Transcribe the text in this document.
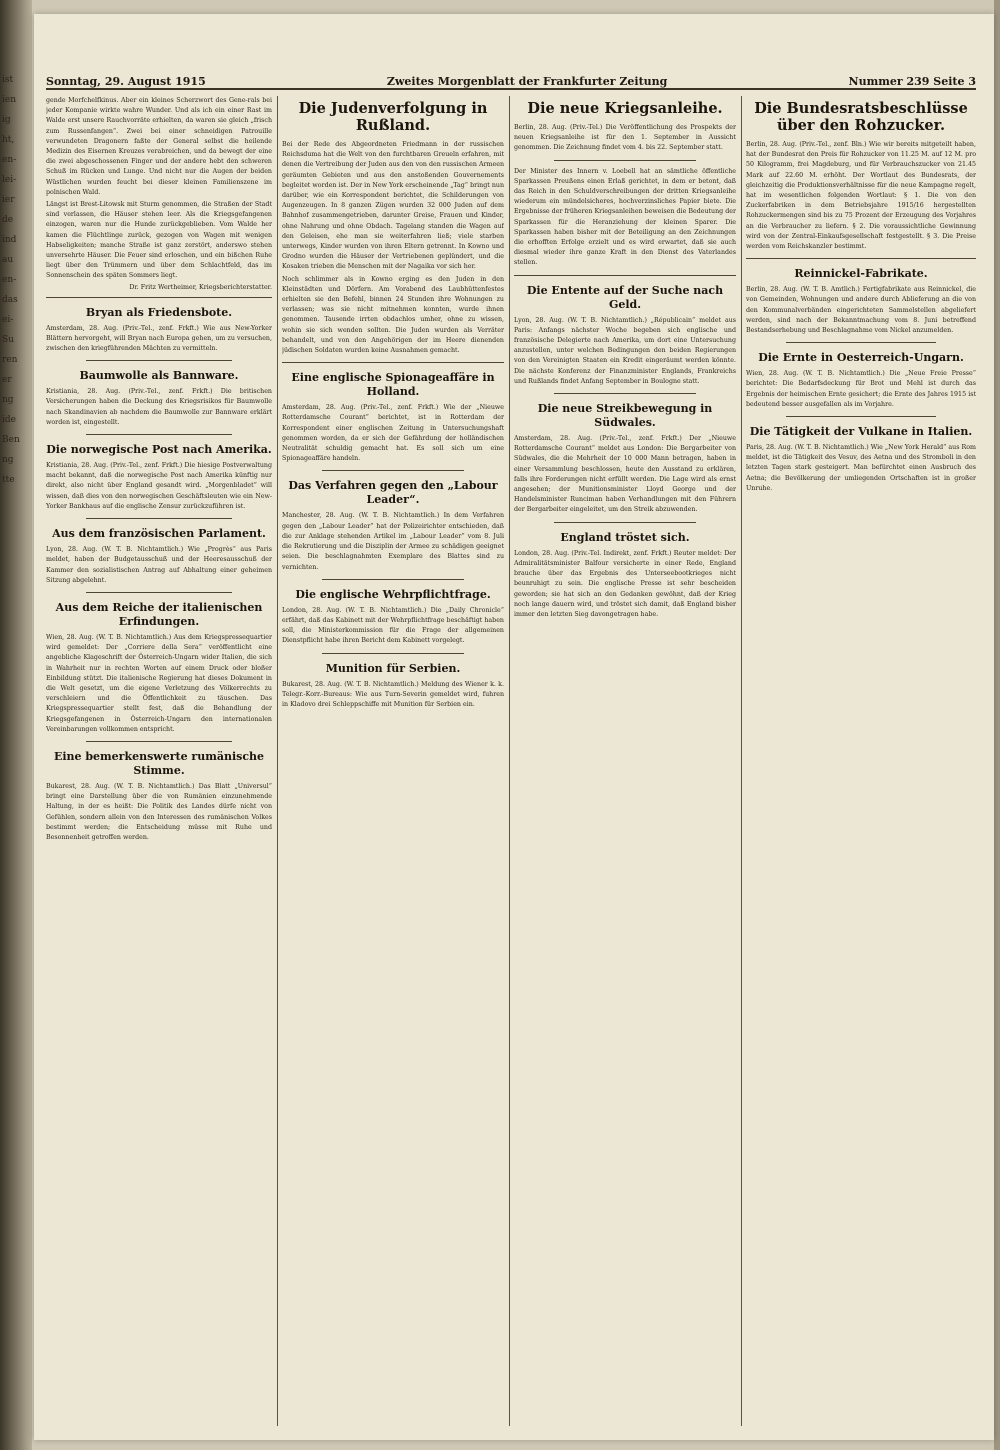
ist
ien
ig
ht,
en-
lei-
ier
de
ind
au
en-
das
ei-
Su
ren
er
ng
ide
Ben
ng
tte
Sonntag, 29. August 1915	Zweites Morgenblatt der Frankfurter Zeitung	Nummer 239 Seite 3

gende Morfchelfkinus. Aber ein kleines Scherzwort des Gene-rals bei jeder Kompanie wirkte wahre Wunder. Und als ich ein einer Rast im Walde erst unsere Rauchvorräte erhielten, da waren sie gleich „frisch zum Russenfangen“. Zwei bei einer schneidigen Patrouille verwundeten Dragonern faßte der General selbst die heilende Medizin des Eisernen Kreuzes verabreichen, und da bewegt der eine die zwei abgeschossenen Finger und der andere hebt den schweren Schuß im Rücken und Lunge. Und nicht nur die Augen der beiden Wüstlichen wurden feucht bei dieser kleinen Familienszene im polnischen Wald.

Längst ist Brest-Litowsk mit Sturm genommen, die Straßen der Stadt sind verlassen, die Häuser stehen leer. Als die Kriegsgefangenen einzogen, waren nur die Hunde zurückgeblieben. Vom Walde her kamen die Flüchtlinge zurück, gezogen von Wagen mit wenigen Habseligkeiten; manche Straße ist ganz zerstört, anderswo stehen unversehrte Häuser. Die Feuer sind erloschen, und ein bißchen Ruhe liegt über den Trümmern und über dem Schlachtfeld, das im Sonnenschein des späten Sommers liegt.

Dr. Fritz Wertheimer, Kriegsberichterstatter.
Bryan als Friedensbote.

Amsterdam, 28. Aug. (Priv.-Tel., zenf. Frkft.) Wie aus New-Yorker Blättern hervorgeht, will Bryan nach Europa gehen, um zu versuchen, zwischen den kriegführenden Mächten zu vermitteln.

Baumwolle als Bannware.

Kristiania, 28. Aug. (Priv.-Tel., zenf. Frkft.) Die britischen Versicherungen haben die Deckung des Kriegsrisikos für Baumwolle nach Skandinavien ab nachdem die Baumwolle zur Bannware erklärt worden ist, eingestellt.

Die norwegische Post nach Amerika.

Kristiania, 28. Aug. (Priv.-Tel., zenf. Frkft.) Die hiesige Postverwaltung macht bekannt, daß die norwegische Post nach Amerika künftig nur direkt, also nicht über England gesandt wird. „Morgenbladet“ will wissen, daß dies von den norwegischen Geschäftsleuten wie ein New-Yorker Bankhaus auf die englische Zensur zurückzuführen ist.

Aus dem französischen Parlament.

Lyon, 28. Aug. (W. T. B. Nichtamtlich.) Wie „Progrès“ aus Paris meldet, haben der Budgetausschuß und der Heeresausschuß der Kammer den sozialistischen Antrag auf Abhaltung einer geheimen Sitzung abgelehnt.

Aus dem Reiche der italienischen Erfindungen.

Wien, 28. Aug. (W. T. B. Nichtamtlich.) Aus dem Kriegspressequartier wird gemeldet: Der „Corriere della Sera“ veröffentlicht eine angebliche Klageschrift der Österreich-Ungarn wider Italien, die sich in Wahrheit nur in rechten Worten auf einem Druck oder bloßer Einbildung stützt. Die italienische Regierung hat dieses Dokument in die Welt gesetzt, um die eigene Verletzung des Völkerrechts zu verschleiern und die Öffentlichkeit zu täuschen. Das Kriegspressequartier stellt fest, daß die Behandlung der Kriegsgefangenen in Österreich-Ungarn den internationalen Vereinbarungen vollkommen entspricht.

Eine bemerkenswerte rumänische Stimme.

Bukarest, 28. Aug. (W. T. B. Nichtamtlich.) Das Blatt „Universul“ bringt eine Darstellung über die von Rumänien einzunehmende Haltung, in der es heißt: Die Politik des Landes dürfe nicht von Gefühlen, sondern allein von den Interessen des rumänischen Volkes bestimmt werden; die Entscheidung müsse mit Ruhe und Besonnenheit getroffen werden.

Die Judenverfolgung in Rußland.

Bei der Rede des Abgeordneten Friedmann in der russischen Reichsduma hat die Welt von den furchtbaren Greueln erfahren, mit denen die Vertreibung der Juden aus den von den russischen Armeen geräumten Gebieten und aus den anstoßenden Gouvernements begleitet worden ist. Der in New York erscheinende „Tag“ bringt nun darüber, wie ein Korrespondent berichtet, die Schilderungen von Augenzeugen. In 8 ganzen Zügen wurden 32 000 Juden auf dem Bahnhof zusammengetrieben, darunter Greise, Frauen und Kinder, ohne Nahrung und ohne Obdach. Tagelang standen die Wagen auf den Geleisen, ehe man sie weiterfahren ließ; viele starben unterwegs, Kinder wurden von ihren Eltern getrennt. In Kowno und Grodno wurden die Häuser der Vertriebenen geplündert, und die Kosaken trieben die Menschen mit der Nagaika vor sich her.

Noch schlimmer als in Kowno erging es den Juden in den Kleinstädten und Dörfern. Am Vorabend des Laubhüttenfestes erhielten sie den Befehl, binnen 24 Stunden ihre Wohnungen zu verlassen; was sie nicht mitnehmen konnten, wurde ihnen genommen. Tausende irrten obdachlos umher, ohne zu wissen, wohin sie sich wenden sollten. Die Juden wurden als Verräter behandelt, und von den Angehörigen der im Heere dienenden jüdischen Soldaten wurden keine Ausnahmen gemacht.

Eine englische Spionageaffäre in Holland.

Amsterdam, 28. Aug. (Priv.-Tel., zenf. Frkft.) Wie der „Nieuwe Rotterdamsche Courant“ berichtet, ist in Rotterdam der Korrespondent einer englischen Zeitung in Untersuchungshaft genommen worden, da er sich der Gefährdung der holländischen Neutralität schuldig gemacht hat. Es soll sich um eine Spionageaffäre handeln.

Das Verfahren gegen den „Labour Leader“.

Manchester, 28. Aug. (W. T. B. Nichtamtlich.) In dem Verfahren gegen den „Labour Leader“ hat der Polizeirichter entschieden, daß die zur Anklage stehenden Artikel im „Labour Leader“ vom 8. Juli die Rekrutierung und die Disziplin der Armee zu schädigen geeignet seien. Die beschlagnahmten Exemplare des Blattes sind zu vernichten.

Die englische Wehrpflichtfrage.

London, 28. Aug. (W. T. B. Nichtamtlich.) Die „Daily Chronicle“ erfährt, daß das Kabinett mit der Wehrpflichtfrage beschäftigt haben soll, die Ministerkommission für die Frage der allgemeinen Dienstpflicht habe ihren Bericht dem Kabinett vorgelegt.

Munition für Serbien.

Bukarest, 28. Aug. (W. T. B. Nichtamtlich.) Meldung des Wiener k. k. Telegr.-Korr.-Bureaus: Wie aus Turn-Severin gemeldet wird, fuhren in Kladovo drei Schleppschiffe mit Munition für Serbien ein.

Die neue Kriegsanleihe.

Berlin, 28. Aug. (Priv.-Tel.) Die Veröffentlichung des Prospekts der neuen Kriegsanleihe ist für den 1. September in Aussicht genommen. Die Zeichnung findet vom 4. bis 22. September statt.

Der Minister des Innern v. Loebell hat an sämtliche öffentliche Sparkassen Preußens einen Erlaß gerichtet, in dem er betont, daß das Reich in den Schuldverschreibungen der dritten Kriegsanleihe wiederum ein mündelsicheres, hochverzinsliches Papier biete. Die Ergebnisse der früheren Kriegsanleihen beweisen die Bedeutung der Sparkassen für die Heranziehung der kleinen Sparer. Die Sparkassen haben bisher mit der Beteiligung an den Zeichnungen die erhofften Erfolge erzielt und es wird erwartet, daß sie auch diesmal wieder ihre ganze Kraft in den Dienst des Vaterlandes stellen.

Die Entente auf der Suche nach Geld.

Lyon, 28. Aug. (W. T. B. Nichtamtlich.) „Républicain“ meldet aus Paris: Anfangs nächster Woche begeben sich englische und französische Delegierte nach Amerika, um dort eine Untersuchung anzustellen, unter welchen Bedingungen den beiden Regierungen von den Vereinigten Staaten ein Kredit eingeräumt werden könnte. Die nächste Konferenz der Finanzminister Englands, Frankreichs und Rußlands findet Anfang September in Boulogne statt.

Die neue Streikbewegung in Südwales.

Amsterdam, 28. Aug. (Priv.-Tel., zenf. Frkft.) Der „Nieuwe Rotterdamsche Courant“ meldet aus London: Die Bergarbeiter von Südwales, die die Mehrheit der 10 000 Mann betragen, haben in einer Versammlung beschlossen, heute den Ausstand zu erklären, falls ihre Forderungen nicht erfüllt werden. Die Lage wird als ernst angesehen; der Munitionsminister Lloyd George und der Handelsminister Runciman haben Verhandlungen mit den Führern der Bergarbeiter eingeleitet, um den Streik abzuwenden.

England tröstet sich.

London, 28. Aug. (Priv.-Tel. Indirekt, zenf. Frkft.) Reuter meldet: Der Admiralitätsminister Balfour versicherte in einer Rede, England brauche über das Ergebnis des Unterseebootkrieges nicht beunruhigt zu sein. Die englische Presse ist sehr bescheiden geworden; sie hat sich an den Gedanken gewöhnt, daß der Krieg noch lange dauern wird, und tröstet sich damit, daß England bisher immer den letzten Sieg davongetragen habe.

Die Bundesratsbeschlüsse über den Rohzucker.

Berlin, 28. Aug. (Priv.-Tel., zenf. Bln.) Wie wir bereits mitgeteilt haben, hat der Bundesrat den Preis für Rohzucker von 11.25 M. auf 12 M. pro 50 Kilogramm, frei Magdeburg, und für Verbrauchszucker von 21.45 Mark auf 22.60 M. erhöht. Der Wortlaut des Bundesrats, der gleichzeitig die Produktionsverhältnisse für die neue Kampagne regelt, hat im wesentlichen folgenden Wortlaut: § 1. Die von den Zuckerfabriken in dem Betriebsjahre 1915/16 hergestellten Rohzuckermengen sind bis zu 75 Prozent der Erzeugung des Vorjahres an die Verbraucher zu liefern. § 2. Die voraussichtliche Gewinnung wird von der Zentral-Einkaufsgesellschaft festgestellt. § 3. Die Preise werden vom Reichskanzler bestimmt.

Reinnickel-Fabrikate.

Berlin, 28. Aug. (W. T. B. Amtlich.) Fertigfabrikate aus Reinnickel, die von Gemeinden, Wohnungen und andere durch Ablieferung an die von den Kommunalverbänden eingerichteten Sammelstellen abgeliefert werden, sind nach der Bekanntmachung vom 8. Juni betreffend Bestandserhebung und Beschlagnahme vom Nickel anzumelden.

Die Ernte in Oesterreich-Ungarn.

Wien, 28. Aug. (W. T. B. Nichtamtlich.) Die „Neue Freie Presse“ berichtet: Die Bedarfsdeckung für Brot und Mehl ist durch das Ergebnis der heimischen Ernte gesichert; die Ernte des Jahres 1915 ist bedeutend besser ausgefallen als im Vorjahre.

Die Tätigkeit der Vulkane in Italien.

Paris, 28. Aug. (W. T. B. Nichtamtlich.) Wie „New York Herald“ aus Rom meldet, ist die Tätigkeit des Vesuv, des Aetna und des Stromboli in den letzten Tagen stark gesteigert. Man befürchtet einen Ausbruch des Aetna; die Bevölkerung der umliegenden Ortschaften ist in großer Unruhe.
